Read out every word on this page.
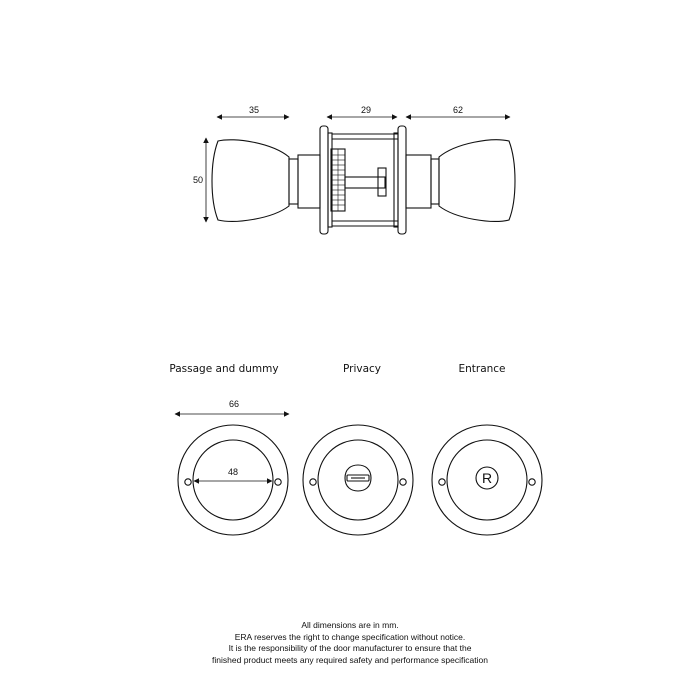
35	29	62
50
Passage and dummy	Privacy	Entrance
66
48	R
All dimensions are in mm.
ERA reserves the right to change specification without notice.
It is the responsibility of the door manufacturer to ensure that the
finished product meets any required safety and performance specification
